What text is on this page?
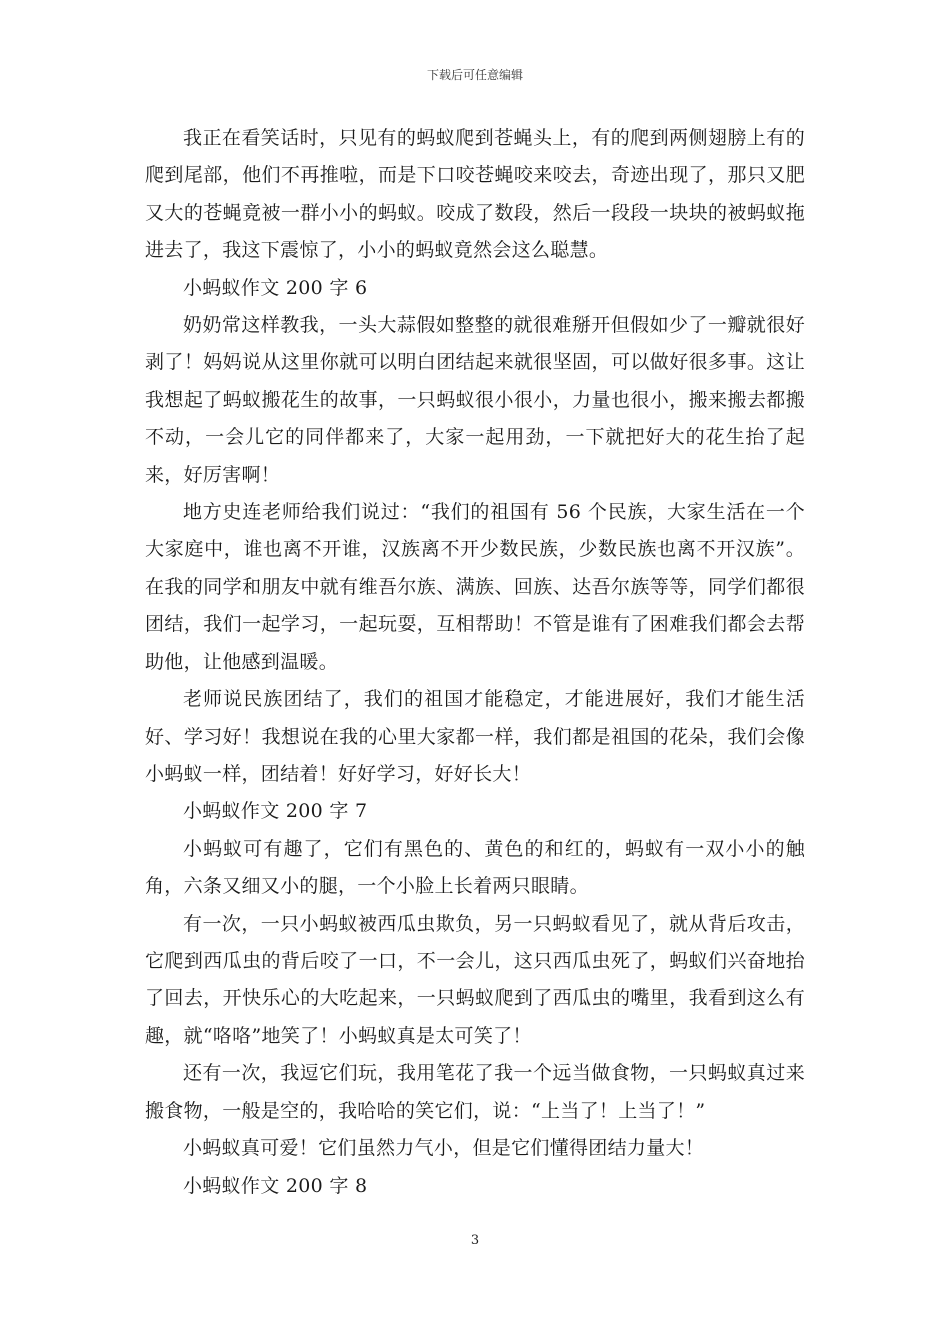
下载后可任意编辑

我正在看笑话时，只见有的蚂蚁爬到苍蝇头上，有的爬到两侧翅膀上有的爬到尾部，他们不再推啦，而是下口咬苍蝇咬来咬去，奇迹出现了，那只又肥又大的苍蝇竟被一群小小的蚂蚁。咬成了数段，然后一段段一块块的被蚂蚁拖进去了，我这下震惊了，小小的蚂蚁竟然会这么聪慧。

小蚂蚁作文 200 字 6

奶奶常这样教我，一头大蒜假如整整的就很难掰开但假如少了一瓣就很好剥了！妈妈说从这里你就可以明白团结起来就很坚固，可以做好很多事。这让我想起了蚂蚁搬花生的故事，一只蚂蚁很小很小，力量也很小，搬来搬去都搬不动，一会儿它的同伴都来了，大家一起用劲，一下就把好大的花生抬了起来，好厉害啊！

地方史连老师给我们说过：“我们的祖国有 56 个民族，大家生活在一个大家庭中，谁也离不开谁，汉族离不开少数民族，少数民族也离不开汉族”。在我的同学和朋友中就有维吾尔族、满族、回族、达吾尔族等等，同学们都很团结，我们一起学习，一起玩耍，互相帮助！不管是谁有了困难我们都会去帮助他，让他感到温暖。

老师说民族团结了，我们的祖国才能稳定，才能进展好，我们才能生活好、学习好！我想说在我的心里大家都一样，我们都是祖国的花朵，我们会像小蚂蚁一样，团结着！好好学习，好好长大！

小蚂蚁作文 200 字 7

小蚂蚁可有趣了，它们有黑色的、黄色的和红的，蚂蚁有一双小小的触角，六条又细又小的腿，一个小脸上长着两只眼睛。

有一次，一只小蚂蚁被西瓜虫欺负，另一只蚂蚁看见了，就从背后攻击，它爬到西瓜虫的背后咬了一口，不一会儿，这只西瓜虫死了，蚂蚁们兴奋地抬了回去，开快乐心的大吃起来，一只蚂蚁爬到了西瓜虫的嘴里，我看到这么有趣，就“咯咯”地笑了！小蚂蚁真是太可笑了！

还有一次，我逗它们玩，我用笔花了我一个远当做食物，一只蚂蚁真过来搬食物，一般是空的，我哈哈的笑它们，说：“上当了！上当了！”

小蚂蚁真可爱！它们虽然力气小，但是它们懂得团结力量大！

小蚂蚁作文 200 字 8

3
